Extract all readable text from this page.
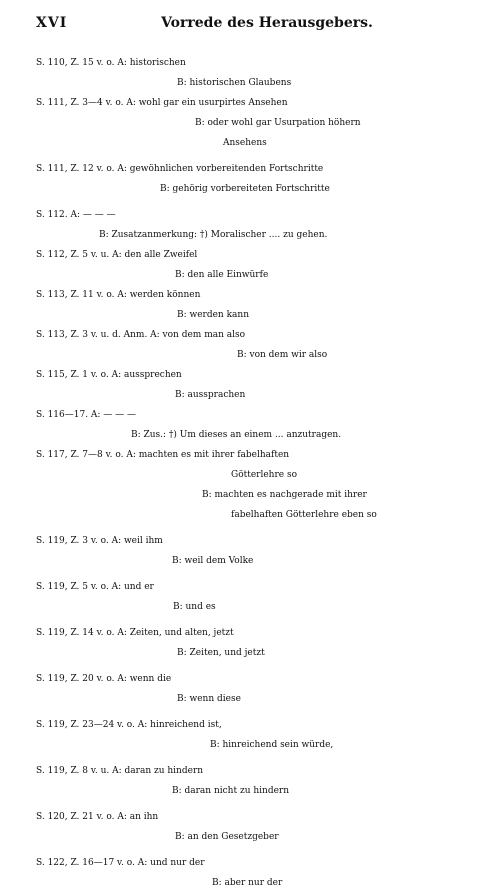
XVI	Vorrede des Herausgebers.
S. 110, Z. 15 v. o. A: historischen
B: historischen Glaubens
S. 111, Z. 3—4 v. o. A: wohl gar ein usurpirtes Ansehen
B: oder wohl gar Usurpation höhern
Ansehens
S. 111, Z. 12 v. o. A: gewöhnlichen vorbereitenden Fortschritte
B: gehörig vorbereiteten Fortschritte
S. 112. A: — — —
B: Zusatzanmerkung: †) Moralischer .... zu gehen.
S. 112, Z. 5 v. u. A: den alle Zweifel
B: den alle Einwürfe
S. 113, Z. 11 v. o. A: werden können
B: werden kann
S. 113, Z. 3 v. u. d. Anm. A: von dem man also
B: von dem wir also
S. 115, Z. 1 v. o. A: aussprechen
B: aussprachen
S. 116—17. A: — — —
B: Zus.: †) Um dieses an einem ... anzutragen.
S. 117, Z. 7—8 v. o. A: machten es mit ihrer fabelhaften
Götterlehre so
B: machten es nachgerade mit ihrer
fabelhaften Götterlehre eben so
S. 119, Z. 3 v. o. A: weil ihm
B: weil dem Volke
S. 119, Z. 5 v. o. A: und er
B: und es
S. 119, Z. 14 v. o. A: Zeiten, und alten, jetzt
B: Zeiten, und jetzt
S. 119, Z. 20 v. o. A: wenn die
B: wenn diese
S. 119, Z. 23—24 v. o. A: hinreichend ist,
B: hinreichend sein würde,
S. 119, Z. 8 v. u. A: daran zu hindern
B: daran nicht zu hindern
S. 120, Z. 21 v. o. A: an ihn
B: an den Gesetzgeber
S. 122, Z. 16—17 v. o. A: und nur der
B: aber nur der
